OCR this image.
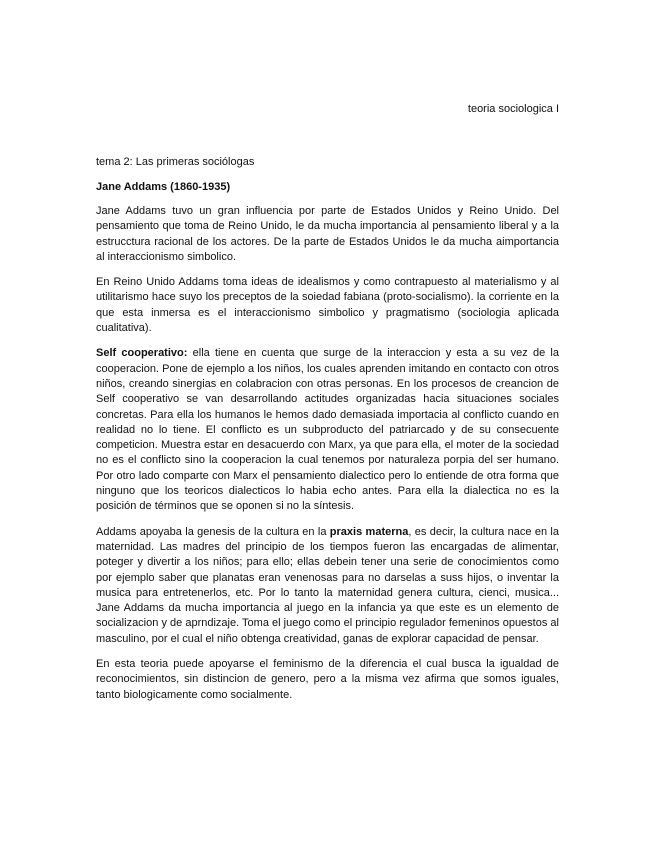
teoria sociologica I
tema 2: Las primeras sociólogas
Jane Addams (1860-1935)

Jane Addams tuvo un gran influencia por parte de Estados Unidos y Reino Unido. Del pensamiento que toma de Reino Unido, le da mucha importancia al pensamiento liberal y a la estrucctura racional de los actores. De la parte de Estados Unidos le da mucha aimportancia al interaccionismo simbolico.

En Reino Unido Addams toma ideas de idealismos y como contrapuesto al materialismo y al utilitarismo hace suyo los preceptos de la soiedad fabiana (proto-socialismo). la corriente en la que esta inmersa es el interaccionismo simbolico y pragmatismo (sociologia aplicada cualitativa).

Self cooperativo: ella tiene en cuenta que surge de la interaccion y esta a su vez de la cooperacion. Pone de ejemplo a los niños, los cuales aprenden imitando en contacto con otros niños, creando sinergias en colabracion con otras personas. En los procesos de creancion de Self cooperativo se van desarrollando actitudes organizadas hacia situaciones sociales concretas. Para ella los humanos le hemos dado demasiada importacia al conflicto cuando en realidad no lo tiene. El conflicto es un subproducto del patriarcado y de su consecuente competicion. Muestra estar en desacuerdo con Marx, ya que para ella, el moter de la sociedad no es el conflicto sino la cooperacion la cual tenemos por naturaleza porpia del ser humano. Por otro lado comparte con Marx el pensamiento dialectico pero lo entiende de otra forma que ninguno que los teoricos dialecticos lo habia echo antes. Para ella la dialectica no es la posición de términos que se oponen si no la síntesis.

Addams apoyaba la genesis de la cultura en la praxis materna, es decir, la cultura nace en la maternidad. Las madres del principio de los tiempos fueron las encargadas de alimentar, poteger y divertir a los niños; para ello; ellas debein tener una serie de conocimientos como por ejemplo saber que planatas eran venenosas para no darselas a suss hijos, o inventar la musica para entretenerlos, etc. Por lo tanto la maternidad genera cultura, cienci, musica... Jane Addams da mucha importancia al juego en la infancia ya que este es un elemento de socializacion y de aprndizaje. Toma el juego como el principio regulador femeninos opuestos al masculino, por el cual el niño obtenga creatividad, ganas de explorar capacidad de pensar.

En esta teoria puede apoyarse el feminismo de la diferencia el cual busca la igualdad de reconocimientos, sin distincion de genero, pero a la misma vez afirma que somos iguales, tanto biologicamente como socialmente.
